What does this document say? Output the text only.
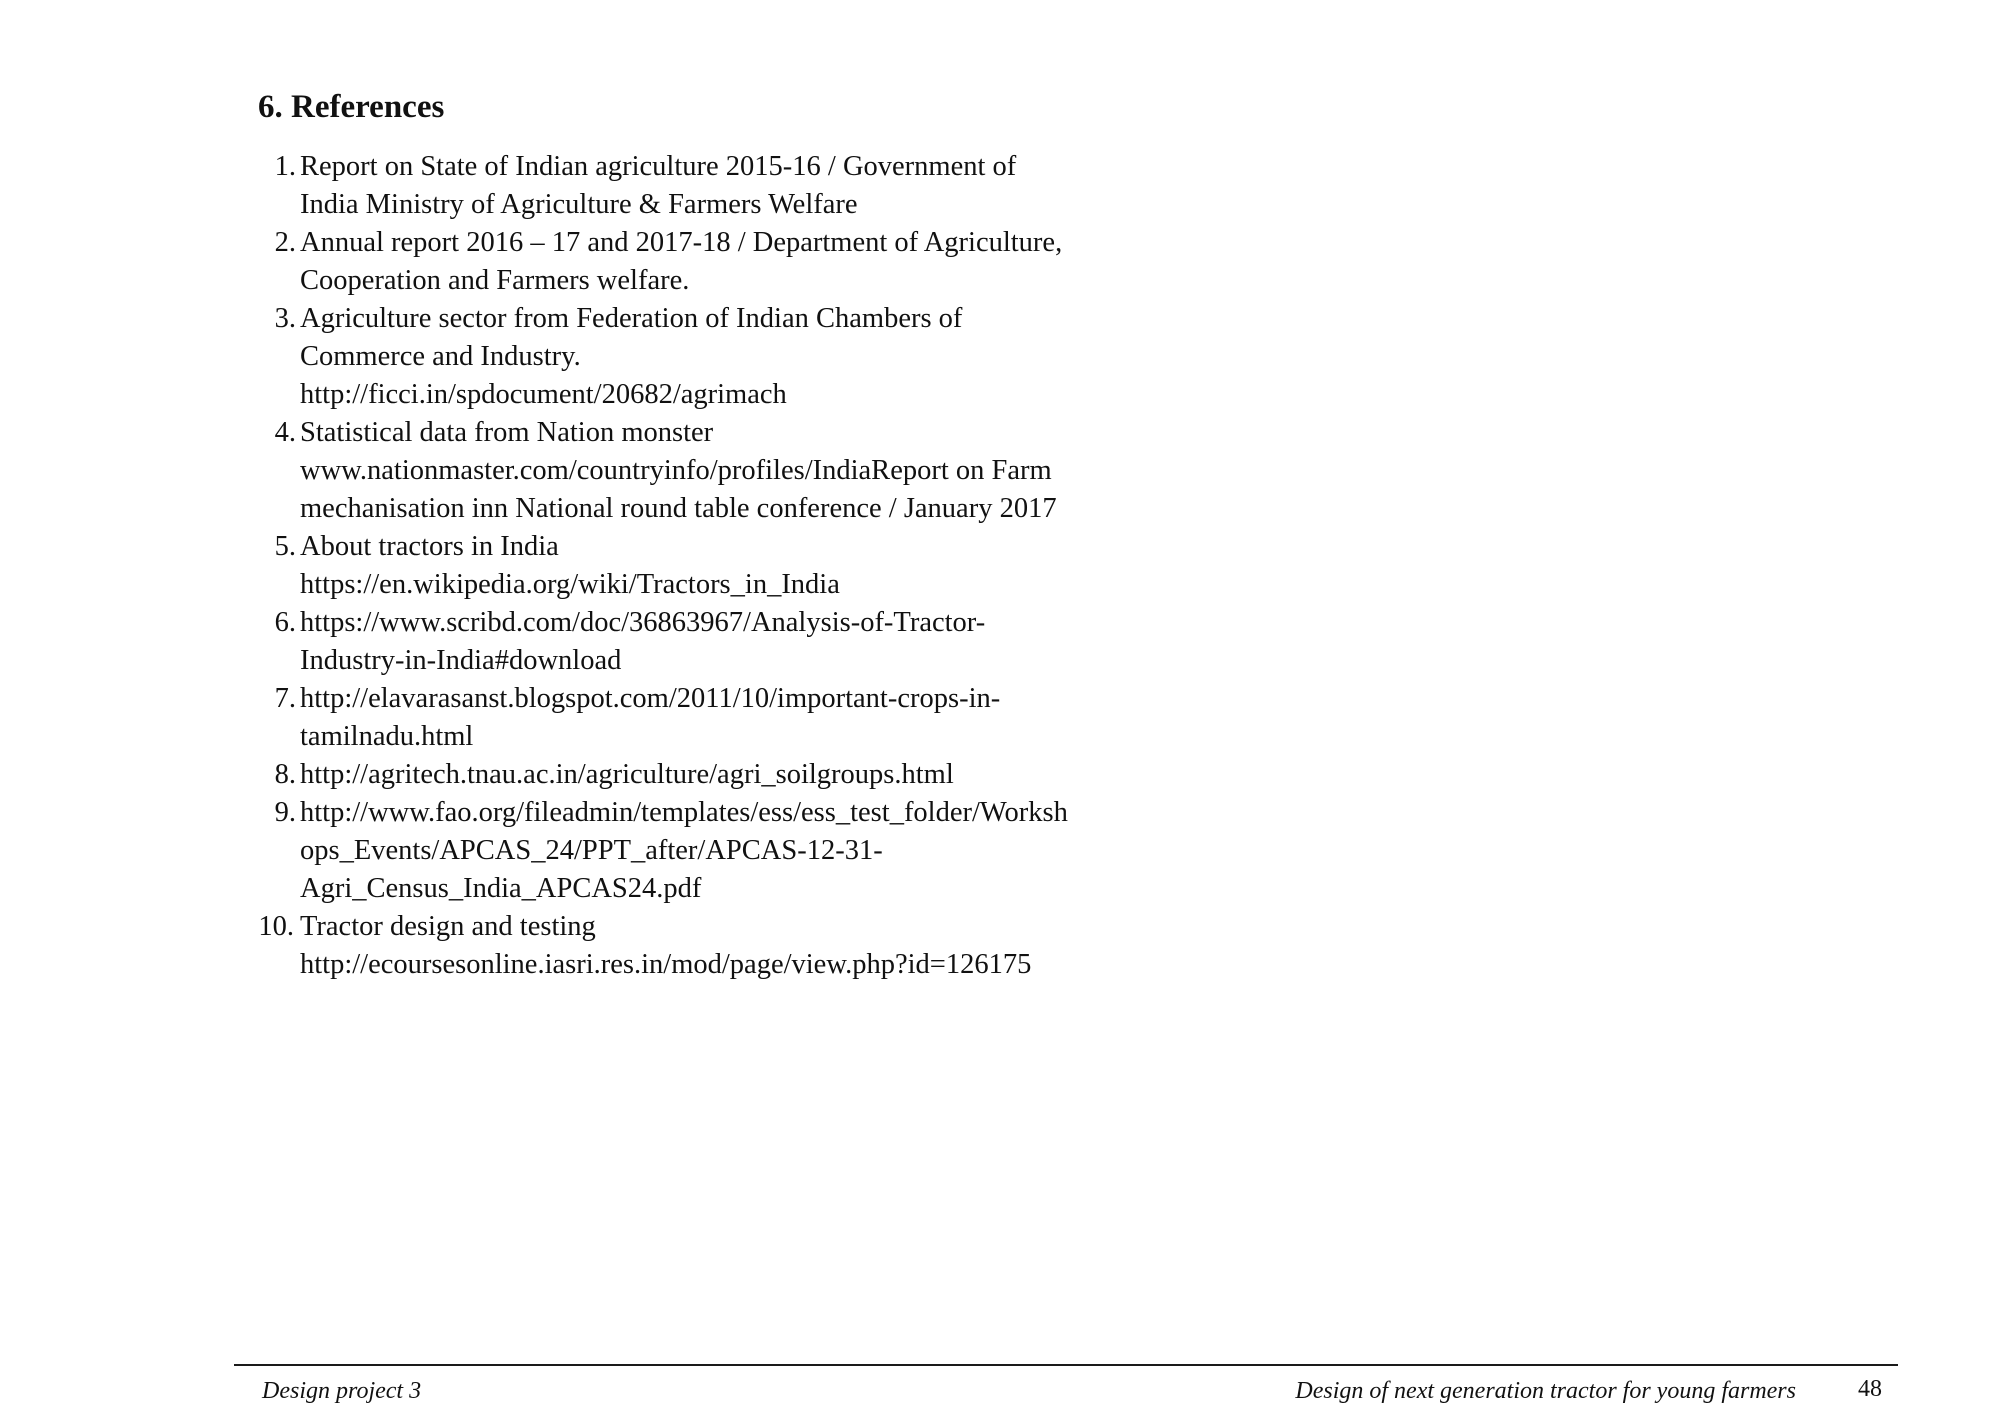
6. References
1. Report on State of Indian agriculture 2015-16 / Government of
India Ministry of Agriculture & Farmers Welfare
2. Annual report 2016 – 17 and 2017-18 / Department of Agriculture,
Cooperation and Farmers welfare.
3. Agriculture sector from Federation of Indian Chambers of
Commerce and Industry.
http://ficci.in/spdocument/20682/agrimach
4. Statistical data from Nation monster
www.nationmaster.com/countryinfo/profiles/IndiaReport on Farm
mechanisation inn National round table conference / January 2017
5. About tractors in India
https://en.wikipedia.org/wiki/Tractors_in_India
6. https://www.scribd.com/doc/36863967/Analysis-of-Tractor-
Industry-in-India#download
7. http://elavarasanst.blogspot.com/2011/10/important-crops-in-
tamilnadu.html
8. http://agritech.tnau.ac.in/agriculture/agri_soilgroups.html
9. http://www.fao.org/fileadmin/templates/ess/ess_test_folder/Worksh
ops_Events/APCAS_24/PPT_after/APCAS-12-31-
Agri_Census_India_APCAS24.pdf
10. Tractor design and testing
http://ecoursesonline.iasri.res.in/mod/page/view.php?id=126175
Design project 3	Design of next generation tractor for young farmers	48
